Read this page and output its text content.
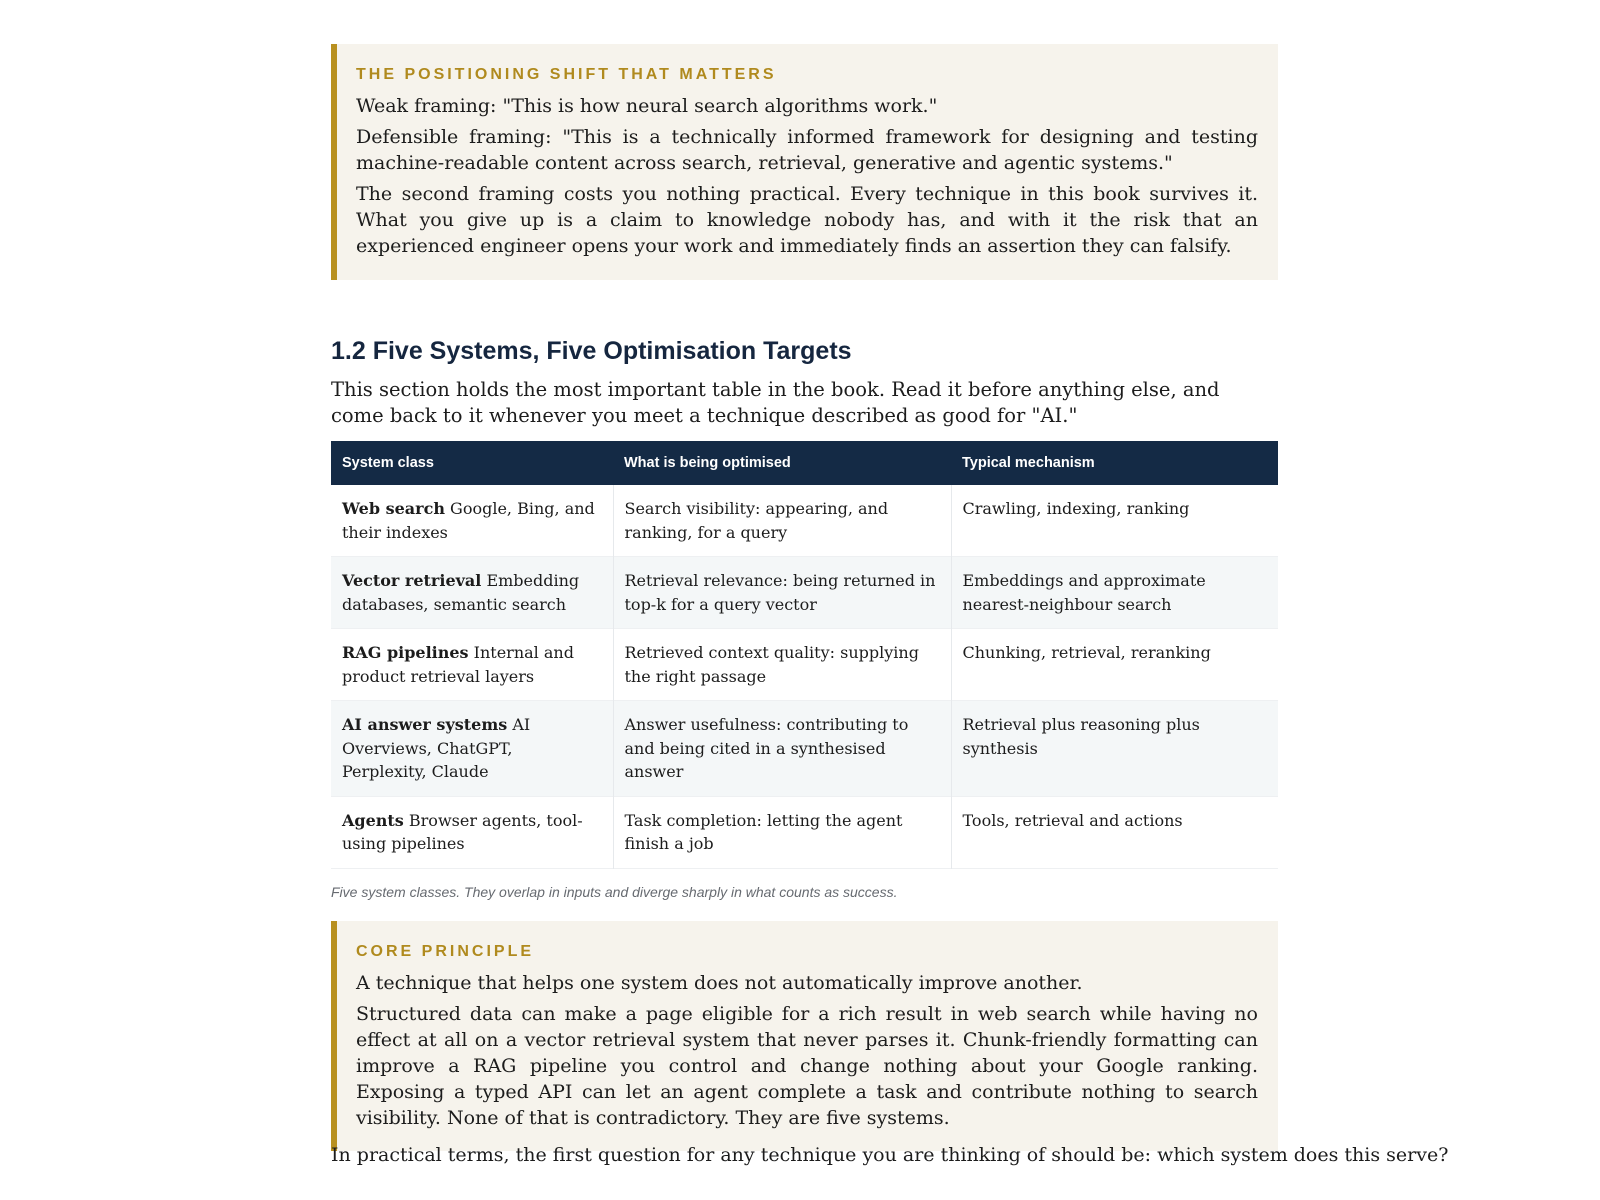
THE POSITIONING SHIFT THAT MATTERS

Weak framing: "This is how neural search algorithms work."

Defensible framing: "This is a technically informed framework for designing and testing machine-readable content across search, retrieval, generative and agentic systems."

The second framing costs you nothing practical. Every technique in this book survives it. What you give up is a claim to knowledge nobody has, and with it the risk that an experienced engineer opens your work and immediately finds an assertion they can falsify.

1.2 Five Systems, Five Optimisation Targets

This section holds the most important table in the book. Read it before anything else, and come back to it whenever you meet a technique described as good for "AI."

System class	What is being optimised	Typical mechanism
Web search Google, Bing, and their indexes	Search visibility: appearing, and ranking, for a query	Crawling, indexing, ranking
Vector retrieval Embedding databases, semantic search	Retrieval relevance: being returned in top-k for a query vector	Embeddings and approximate nearest-neighbour search
RAG pipelines Internal and product retrieval layers	Retrieved context quality: supplying the right passage	Chunking, retrieval, reranking
AI answer systems AI Overviews, ChatGPT, Perplexity, Claude	Answer usefulness: contributing to and being cited in a synthesised answer	Retrieval plus reasoning plus synthesis
Agents Browser agents, tool-using pipelines	Task completion: letting the agent finish a job	Tools, retrieval and actions
Five system classes. They overlap in inputs and diverge sharply in what counts as success.
CORE PRINCIPLE

A technique that helps one system does not automatically improve another.

Structured data can make a page eligible for a rich result in web search while having no effect at all on a vector retrieval system that never parses it. Chunk-friendly formatting can improve a RAG pipeline you control and change nothing about your Google ranking. Exposing a typed API can let an agent complete a task and contribute nothing to search visibility. None of that is contradictory. They are five systems.

In practical terms, the first question for any technique you are thinking of should be: which system does this serve?
